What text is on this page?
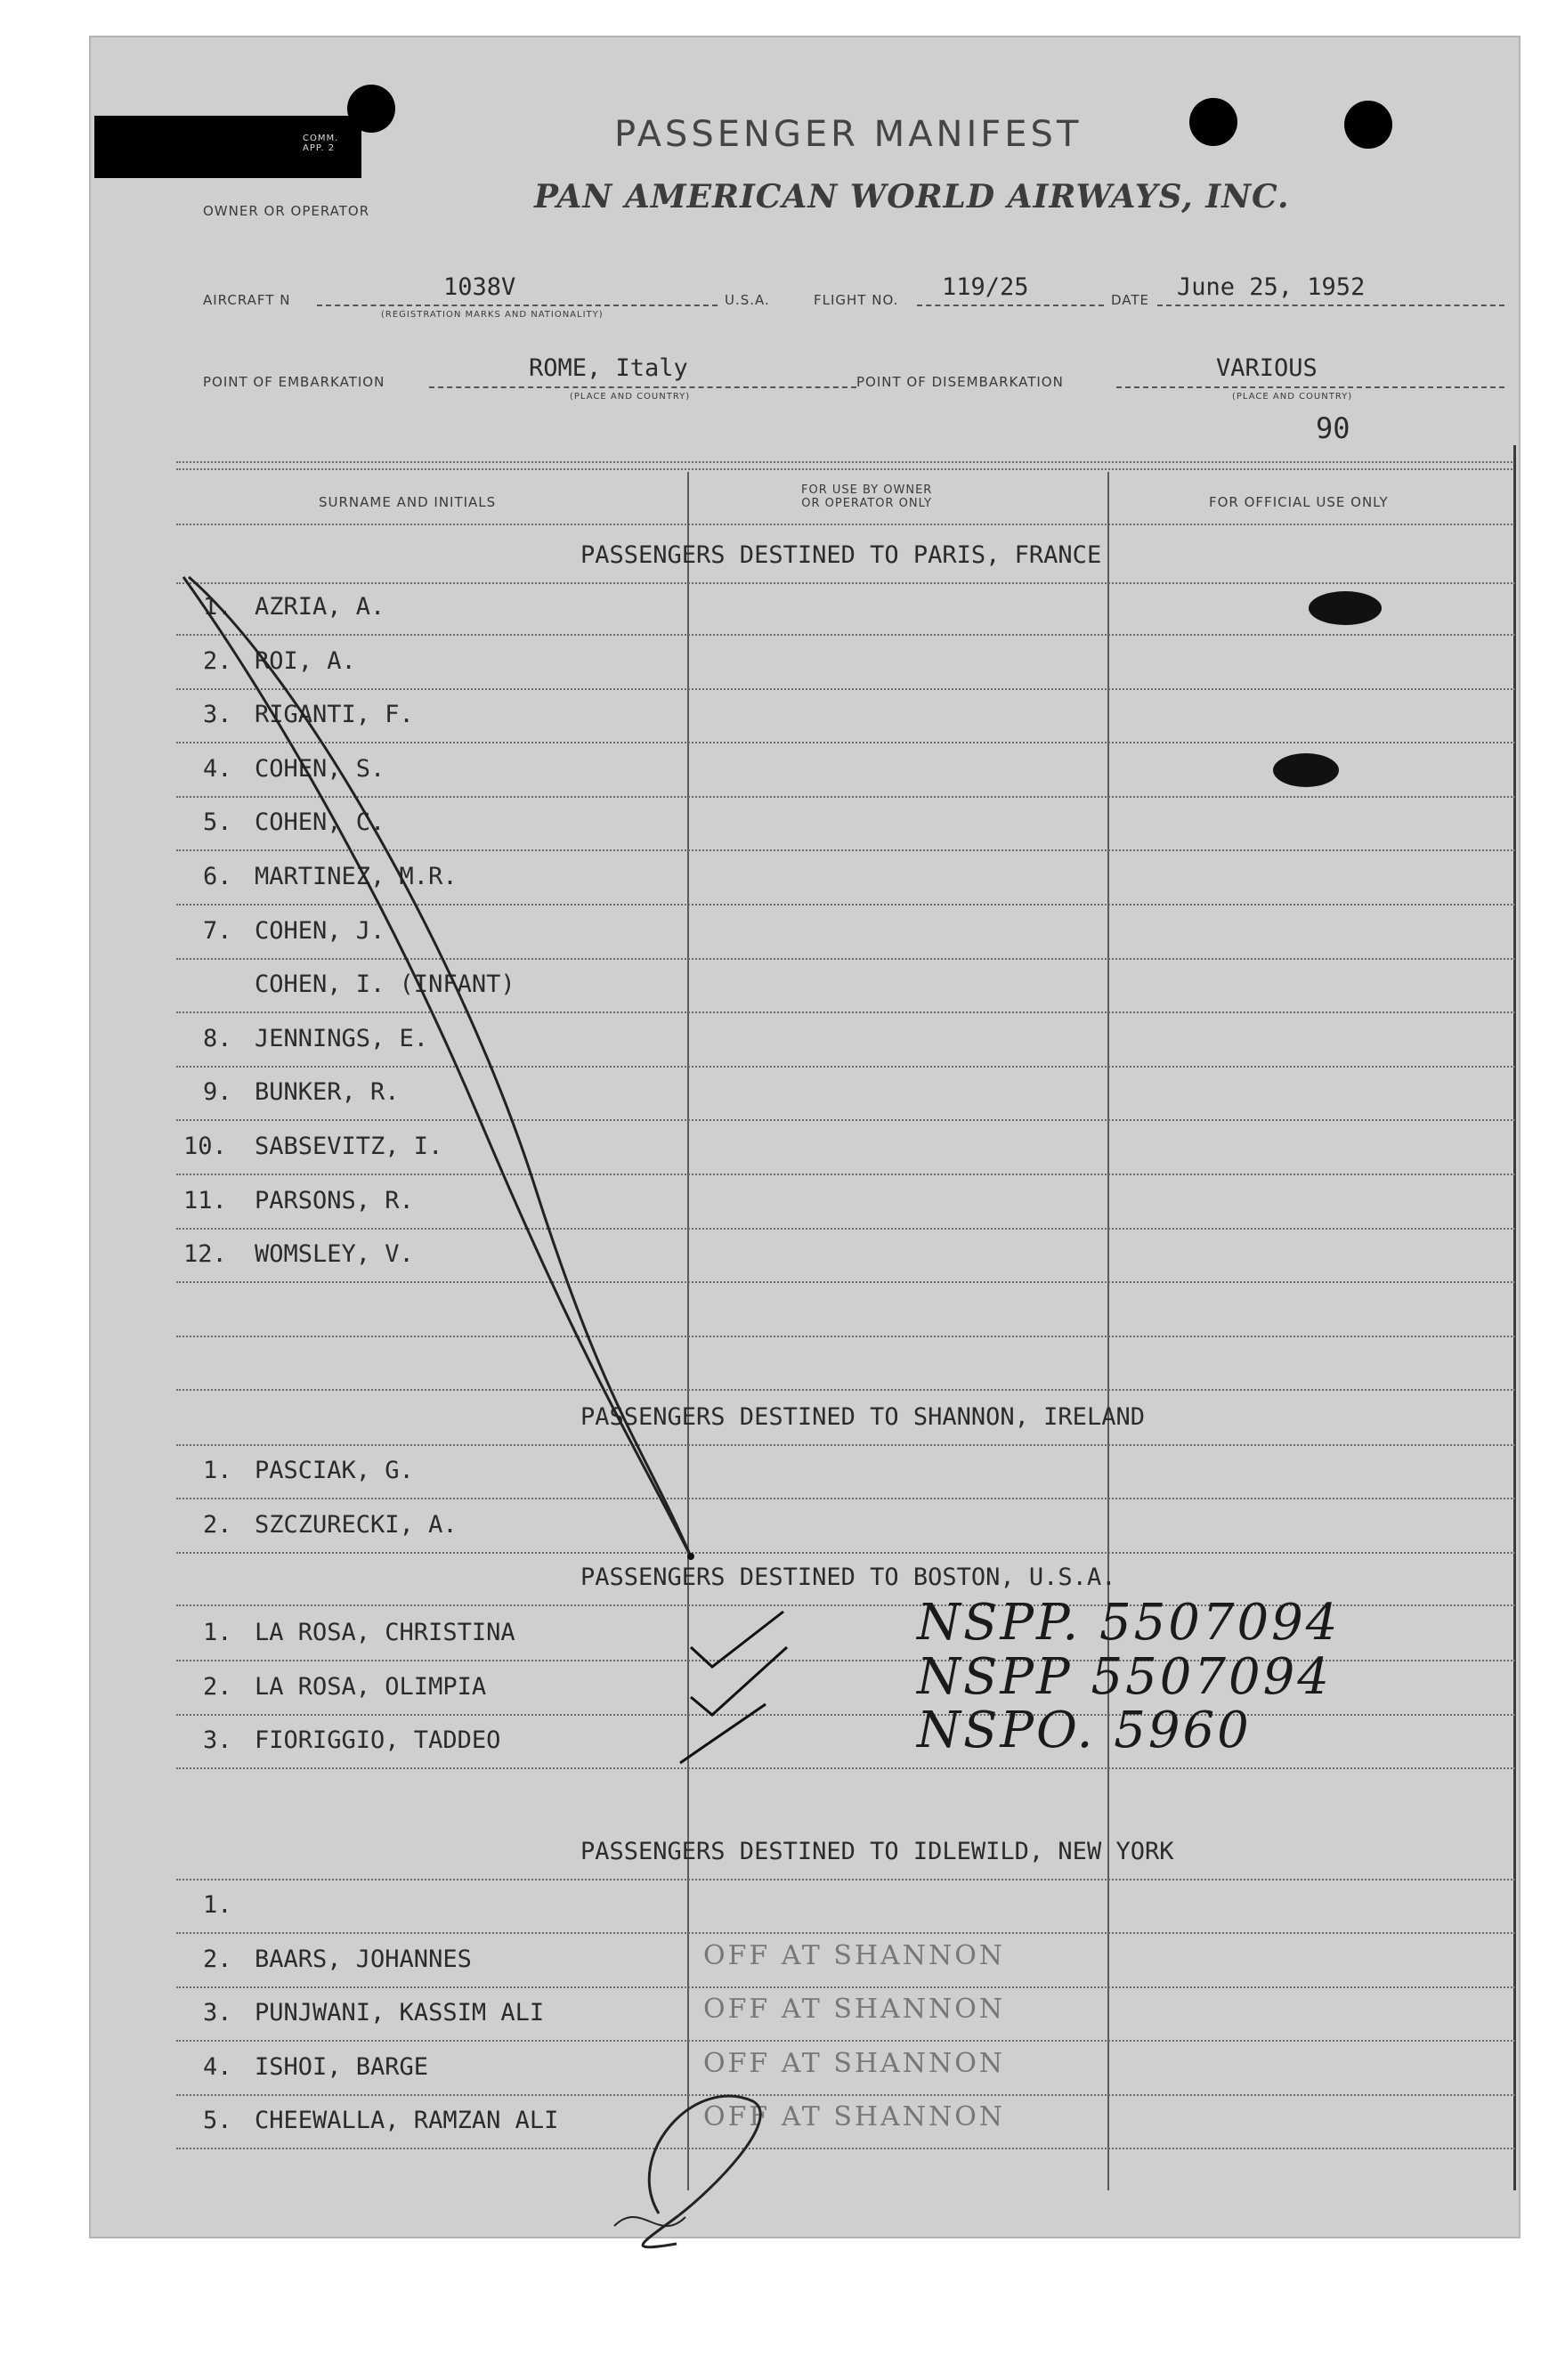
COMM.
APP. 2	PASSENGER MANIFEST
OWNER OR OPERATOR	PAN AMERICAN WORLD AIRWAYS, INC.
AIRCRAFT N	1038V
(REGISTRATION MARKS AND NATIONALITY)
U.S.A.	FLIGHT NO. 119/25	DATE June 25, 1952
POINT OF EMBARKATION	ROME, Italy
(PLACE AND COUNTRY)
POINT OF DISEMBARKATION	VARIOUS
(PLACE AND COUNTRY)
90
SURNAME AND INITIALS
FOR USE BY OWNER
OR OPERATOR ONLY	FOR OFFICIAL USE ONLY
PASSENGERS DESTINED TO PARIS, FRANCE
1. AZRIA, A.
2. ROI, A.
3. RIGANTI, F.
4. COHEN, S.
5. COHEN, C.
6. MARTINEZ, M.R.
7. COHEN, J.
COHEN, I. (INFANT)
8. JENNINGS, E.
9. BUNKER, R.
10. SABSEVITZ, I.
11. PARSONS, R.
12. WOMSLEY, V.
PASSENGERS DESTINED TO SHANNON, IRELAND
1. PASCIAK, G.
2. SZCZURECKI, A.
PASSENGERS DESTINED TO BOSTON, U.S.A.
1. LA ROSA, CHRISTINA	NSPP. 5507094
2. LA ROSA, OLIMPIA	NSPP 5507094
3. FIORIGGIO, TADDEO	NSPO. 5960
PASSENGERS DESTINED TO IDLEWILD, NEW YORK
1.
2. BAARS, JOHANNES	OFF AT SHANNON
3. PUNJWANI, KASSIM ALI	OFF AT SHANNON
4. ISHOI, BARGE	OFF AT SHANNON
5. CHEEWALLA, RAMZAN ALI	OFF AT SHANNON
